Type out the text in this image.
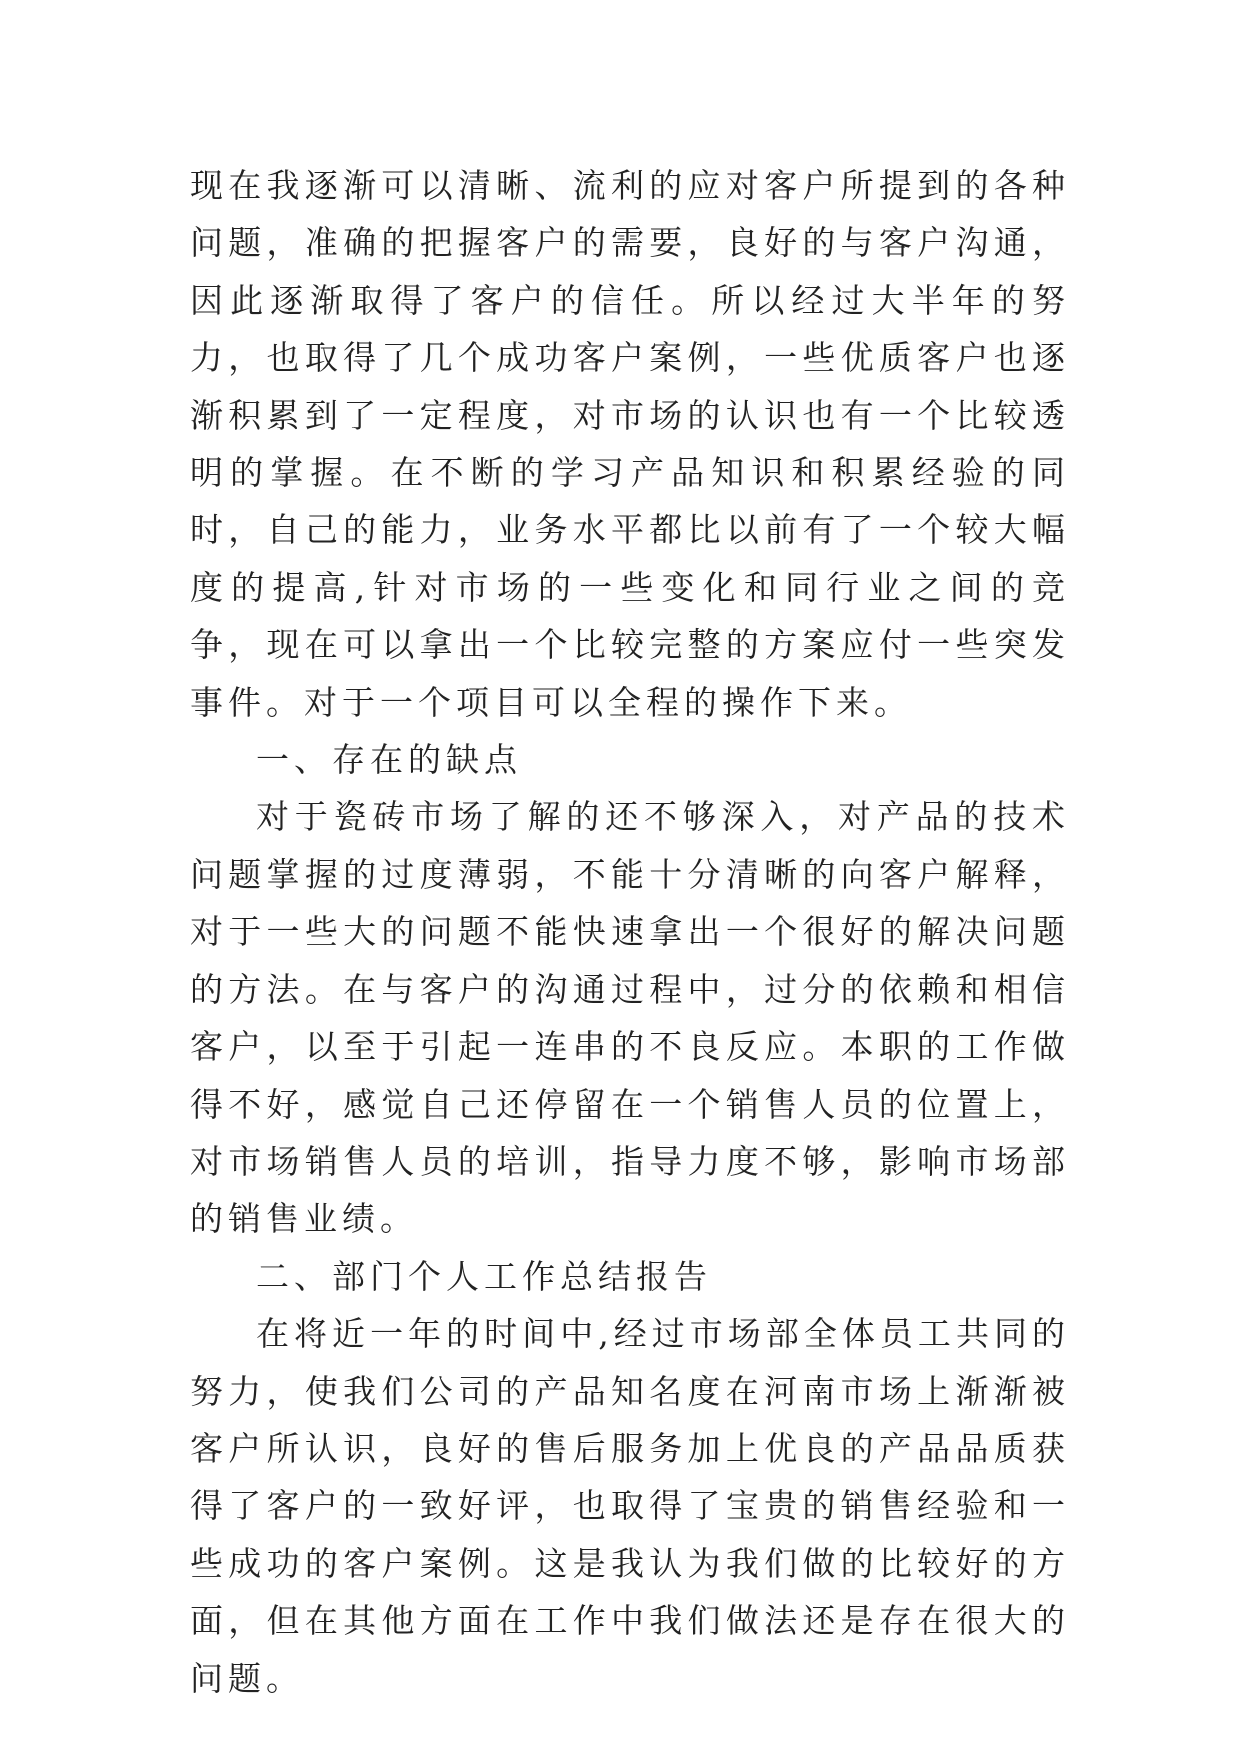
现在我逐渐可以清晰、流利的应对客户所提到的各种问题，准确的把握客户的需要，良好的与客户沟通，因此逐渐取得了客户的信任。所以经过大半年的努力，也取得了几个成功客户案例，一些优质客户也逐渐积累到了一定程度，对市场的认识也有一个比较透明的掌握。在不断的学习产品知识和积累经验的同时，自己的能力，业务水平都比以前有了一个较大幅度的提高,针对市场的一些变化和同行业之间的竞争，现在可以拿出一个比较完整的方案应付一些突发事件。对于一个项目可以全程的操作下来。

一、存在的缺点

对于瓷砖市场了解的还不够深入，对产品的技术问题掌握的过度薄弱，不能十分清晰的向客户解释，对于一些大的问题不能快速拿出一个很好的解决问题的方法。在与客户的沟通过程中，过分的依赖和相信客户，以至于引起一连串的不良反应。本职的工作做得不好，感觉自己还停留在一个销售人员的位置上，对市场销售人员的培训，指导力度不够，影响市场部的销售业绩。

二、部门个人工作总结报告

在将近一年的时间中,经过市场部全体员工共同的努力，使我们公司的产品知名度在河南市场上渐渐被客户所认识，良好的售后服务加上优良的产品品质获得了客户的一致好评，也取得了宝贵的销售经验和一些成功的客户案例。这是我认为我们做的比较好的方面，但在其他方面在工作中我们做法还是存在很大的问题。
